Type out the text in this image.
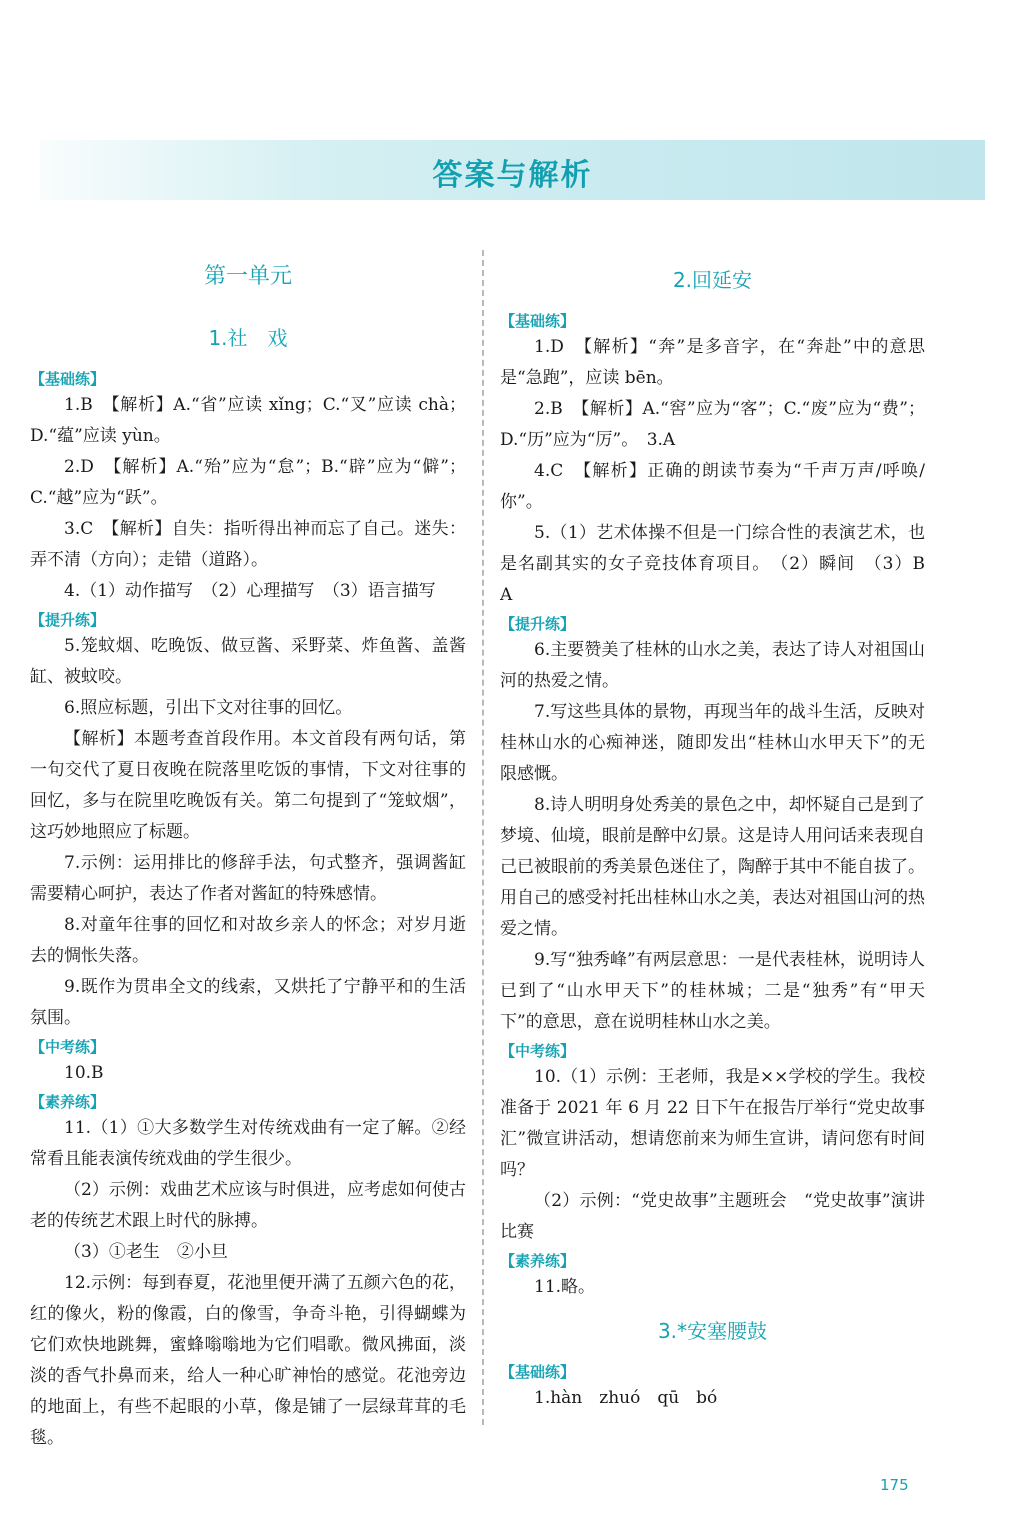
答案与解析
第一单元
1.社　戏
【基础练】
1.B　【解析】A.“省”应读 xǐng；C.“叉”应读 chà；D.“蕴”应读 yùn。
2.D　【解析】A.“殆”应为“怠”；B.“辟”应为“僻”；C.“越”应为“跃”。
3.C　【解析】自失：指听得出神而忘了自己。迷失：弄不清（方向）；走错（道路）。
4.（1）动作描写　（2）心理描写　（3）语言描写
【提升练】
5.笼蚊烟、吃晚饭、做豆酱、采野菜、炸鱼酱、盖酱缸、被蚊咬。
6.照应标题，引出下文对往事的回忆。
【解析】本题考查首段作用。本文首段有两句话，第一句交代了夏日夜晚在院落里吃饭的事情，下文对往事的回忆，多与在院里吃晚饭有关。第二句提到了“笼蚊烟”，这巧妙地照应了标题。
7.示例：运用排比的修辞手法，句式整齐，强调酱缸需要精心呵护，表达了作者对酱缸的特殊感情。
8.对童年往事的回忆和对故乡亲人的怀念；对岁月逝去的惆怅失落。
9.既作为贯串全文的线索，又烘托了宁静平和的生活氛围。
【中考练】
10.B
【素养练】
11.（1）①大多数学生对传统戏曲有一定了解。②经常看且能表演传统戏曲的学生很少。
（2）示例：戏曲艺术应该与时俱进，应考虑如何使古老的传统艺术跟上时代的脉搏。
（3）①老生　②小旦
12.示例：每到春夏，花池里便开满了五颜六色的花，红的像火，粉的像霞，白的像雪，争奇斗艳，引得蝴蝶为它们欢快地跳舞，蜜蜂嗡嗡地为它们唱歌。微风拂面，淡淡的香气扑鼻而来，给人一种心旷神怡的感觉。花池旁边的地面上，有些不起眼的小草，像是铺了一层绿茸茸的毛毯。
2.回延安
【基础练】
1.D　【解析】“奔”是多音字，在“奔赴”中的意思是“急跑”，应读 bēn。
2.B　【解析】A.“窖”应为“客”；C.“废”应为“费”；D.“历”应为“厉”。　3.A
4.C　【解析】正确的朗读节奏为“千声万声/呼唤/你”。
5.（1）艺术体操不但是一门综合性的表演艺术，也是名副其实的女子竞技体育项目。　（2）瞬间　（3）B　A
【提升练】
6.主要赞美了桂林的山水之美，表达了诗人对祖国山河的热爱之情。
7.写这些具体的景物，再现当年的战斗生活，反映对桂林山水的心痴神迷，随即发出“桂林山水甲天下”的无限感慨。
8.诗人明明身处秀美的景色之中，却怀疑自己是到了梦境、仙境，眼前是醉中幻景。这是诗人用问话来表现自己已被眼前的秀美景色迷住了，陶醉于其中不能自拔了。用自己的感受衬托出桂林山水之美，表达对祖国山河的热爱之情。
9.写“独秀峰”有两层意思：一是代表桂林，说明诗人已到了“山水甲天下”的桂林城；二是“独秀”有“甲天下”的意思，意在说明桂林山水之美。
【中考练】
10.（1）示例：王老师，我是××学校的学生。我校准备于 2021 年 6 月 22 日下午在报告厅举行“党史故事汇”微宣讲活动，想请您前来为师生宣讲，请问您有时间吗？
（2）示例：“党史故事”主题班会　“党史故事”演讲比赛
【素养练】
11.略。
3.*安塞腰鼓
【基础练】
1.hàn　zhuó　qū　bó
175
